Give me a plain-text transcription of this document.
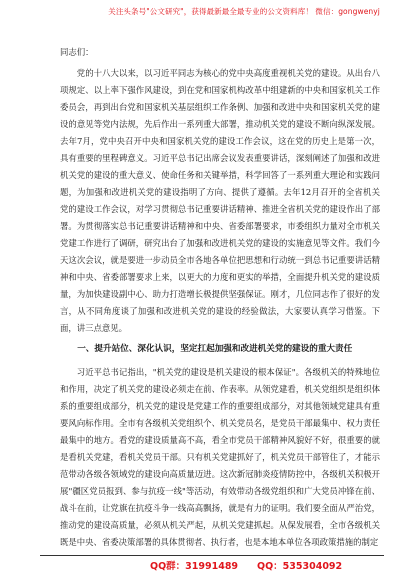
关注头条号"公文研究"，获得最新最全最专业的公文资料库！ 微信：gongwenyj

同志们：

党的十八大以来，以习近平同志为核心的党中央高度重视机关党的建设。从出台八项规定、以上率下强作风建设，到在党和国家机构改革中组建新的中央和国家机关工作委员会，再到出台党和国家机关基层组织工作条例、加强和改进中央和国家机关党的建设的意见等党内法规，先后作出一系列重大部署，推动机关党的建设不断向纵深发展。去年7月，党中央召开中央和国家机关党的建设工作会议，这在党的历史上是第一次，具有重要的里程碑意义。习近平总书记出席会议发表重要讲话，深刻阐述了加强和改进机关党的建设的重大意义、使命任务和关键举措，科学回答了一系列重大理论和实践问题，为加强和改进机关党的建设指明了方向、提供了遵循。去年12月召开的全省机关党的建设工作会议，对学习贯彻总书记重要讲话精神、推进全省机关党的建设作出了部署。为贯彻落实总书记重要讲话精神和中央、省委部署要求，市委组织力量对全市机关党建工作进行了调研，研究出台了加强和改进机关党的建设的实施意见等文件。我们今天这次会议，就是要进一步动员全市各地各单位把思想和行动统一到总书记重要讲话精神和中央、省委部署要求上来，以更大的力度和更实的举措，全面提升机关党的建设质量，为加快建设副中心、助力打造增长极提供坚强保证。刚才，几位同志作了很好的发言，从不同角度谈了加强和改进机关党的建设的经验做法，大家要认真学习借鉴。下面，讲三点意见。

一、提升站位、深化认识，坚定扛起加强和改进机关党的建设的重大责任

习近平总书记指出，"机关党的建设是机关建设的根本保证"。各级机关的特殊地位和作用，决定了机关党的建设必须走在前、作表率。从领党建看，机关党组织是组织体系的重要组成部分，机关党的建设是党建工作的重要组成部分，对其他领域党建具有重要风向标作用。全市有各级机关党组织个、机关党员名，是党员干部最集中、权力责任最集中的地方。看党的建设质量高不高，看全市党员干部精神风貌好不好，很重要的就是看机关党建，看机关党员干部。只有机关党建抓好了，机关党员干部管住了，才能示范带动各级各领域党的建设向高质量迈进。这次新冠肺炎疫情防控中，各级机关积极开展"疆区党员报到、参与抗疫一线"等活动，有效带动各级党组织和广大党员冲锋在前、战斗在前，让党旗在抗疫斗争一线高高飘扬，就是有力的证明。我们要全面从严治党，推动党的建设高质量，必须从机关严起，从机关党建抓起。从保发展看，全市各级机关既是中央、省委决策部署的具体贯彻者、执行者，也是本地本单位各项政策措施的制定

QQ群：31991489 QQ：535304092
